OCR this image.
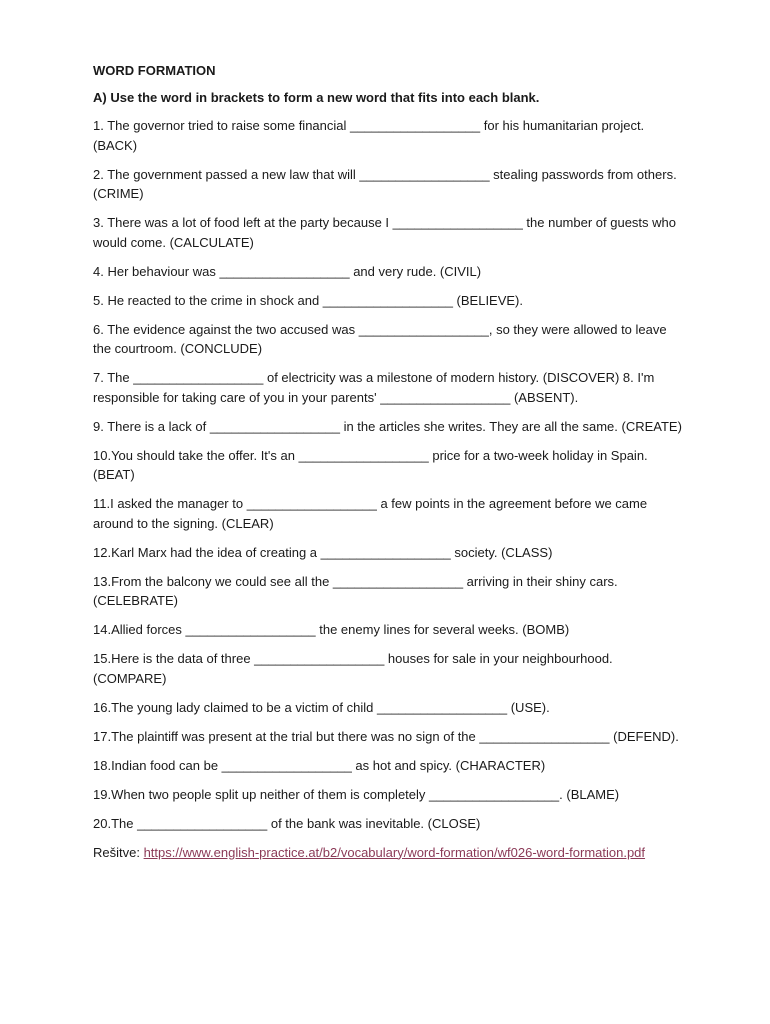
WORD FORMATION

A) Use the word in brackets to form a new word that fits into each blank.

1. The governor tried to raise some financial __________________ for his humanitarian project. (BACK)

2. The government passed a new law that will __________________ stealing passwords from others. (CRIME)

3. There was a lot of food left at the party because I __________________ the number of guests who would come. (CALCULATE)

4. Her behaviour was __________________ and very rude. (CIVIL)

5. He reacted to the crime in shock and __________________ (BELIEVE).

6. The evidence against the two accused was __________________, so they were allowed to leave the courtroom. (CONCLUDE)

7. The __________________ of electricity was a milestone of modern history. (DISCOVER) 8. I'm responsible for taking care of you in your parents' __________________ (ABSENT).

9. There is a lack of __________________ in the articles she writes. They are all the same. (CREATE)

10.You should take the offer. It's an __________________ price for a two-week holiday in Spain. (BEAT)

11.I asked the manager to __________________ a few points in the agreement before we came around to the signing. (CLEAR)

12.Karl Marx had the idea of creating a __________________ society. (CLASS)

13.From the balcony we could see all the __________________ arriving in their shiny cars. (CELEBRATE)

14.Allied forces __________________ the enemy lines for several weeks. (BOMB)

15.Here is the data of three __________________ houses for sale in your neighbourhood. (COMPARE)

16.The young lady claimed to be a victim of child __________________ (USE).

17.The plaintiff was present at the trial but there was no sign of the __________________ (DEFEND).

18.Indian food can be __________________ as hot and spicy. (CHARACTER)

19.When two people split up neither of them is completely __________________. (BLAME)

20.The __________________ of the bank was inevitable. (CLOSE)

Rešitve: https://www.english-practice.at/b2/vocabulary/word-formation/wf026-word-formation.pdf
